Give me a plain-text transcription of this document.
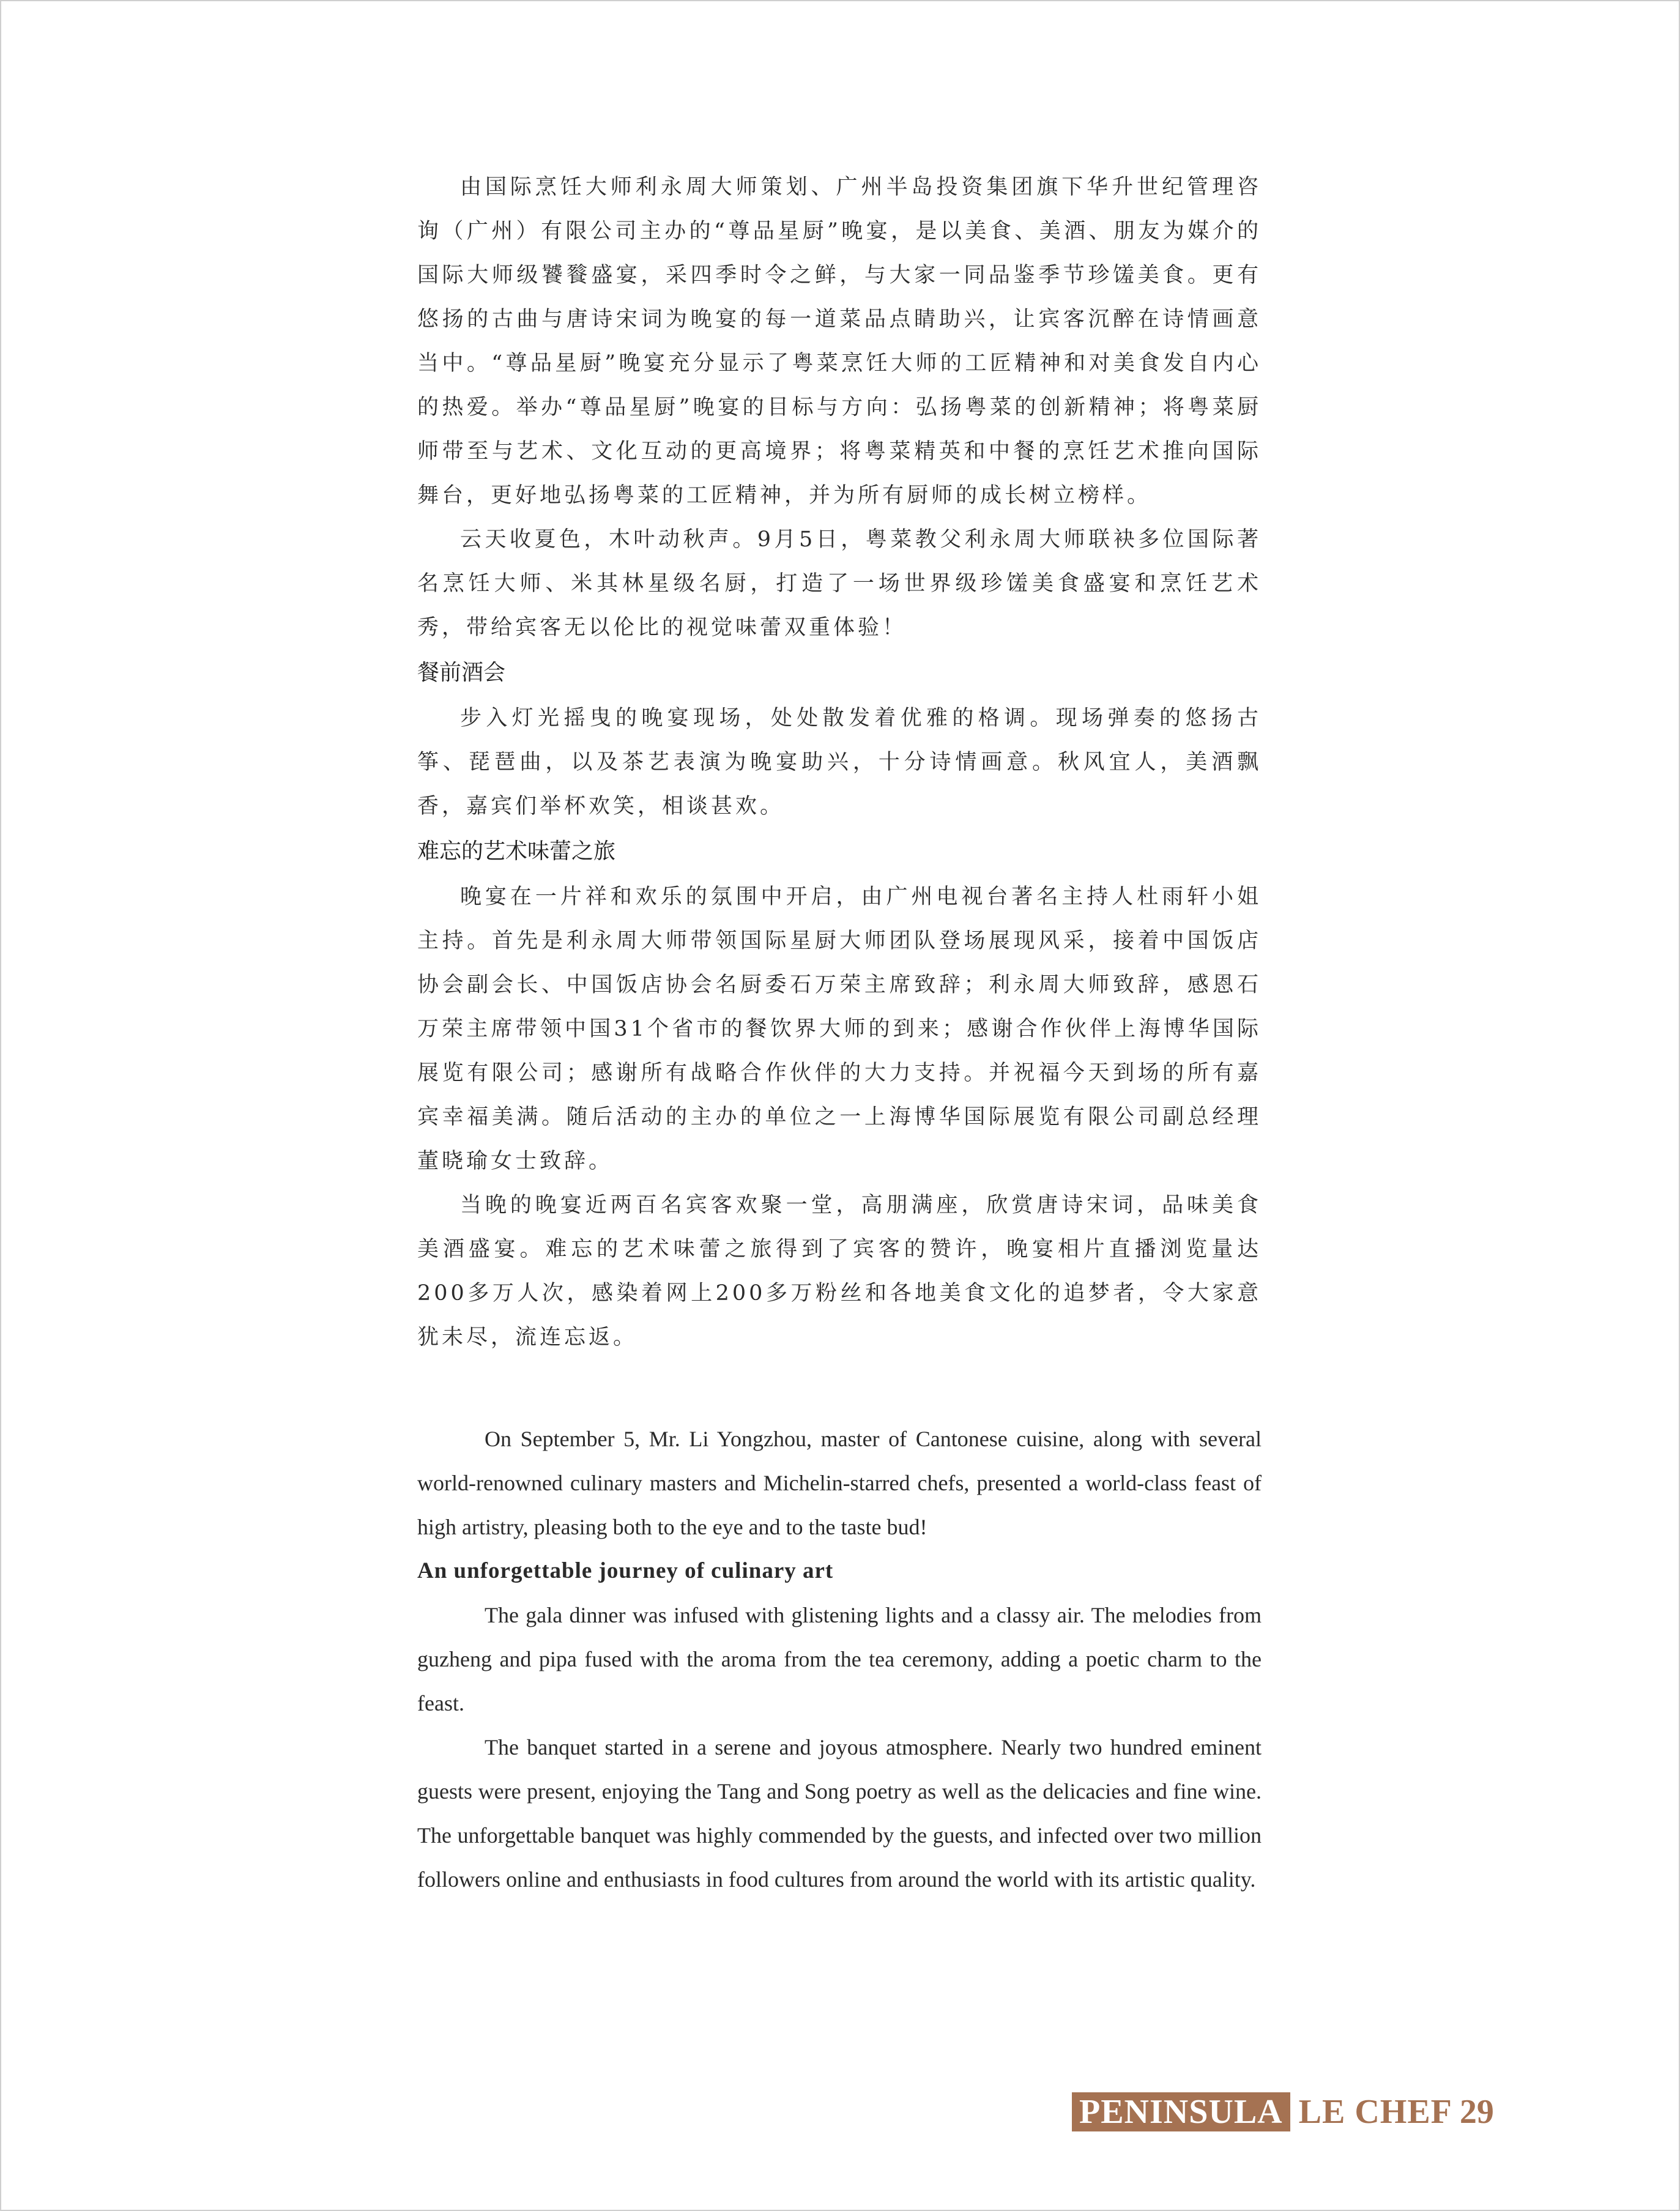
由国际烹饪大师利永周大师策划、广州半岛投资集团旗下华升世纪管理咨询（广州）有限公司主办的“尊品星厨”晚宴，是以美食、美酒、朋友为媒介的国际大师级饕餮盛宴，采四季时令之鲜，与大家一同品鉴季节珍馐美食。更有悠扬的古曲与唐诗宋词为晚宴的每一道菜品点睛助兴，让宾客沉醉在诗情画意当中。“尊品星厨”晚宴充分显示了粤菜烹饪大师的工匠精神和对美食发自内心的热爱。举办“尊品星厨”晚宴的目标与方向：弘扬粤菜的创新精神；将粤菜厨师带至与艺术、文化互动的更高境界；将粤菜精英和中餐的烹饪艺术推向国际舞台，更好地弘扬粤菜的工匠精神，并为所有厨师的成长树立榜样。

云天收夏色，木叶动秋声。9月5日，粤菜教父利永周大师联袂多位国际著名烹饪大师、米其林星级名厨，打造了一场世界级珍馐美食盛宴和烹饪艺术秀，带给宾客无以伦比的视觉味蕾双重体验！

餐前酒会

步入灯光摇曳的晚宴现场，处处散发着优雅的格调。现场弹奏的悠扬古筝、琵琶曲，以及茶艺表演为晚宴助兴，十分诗情画意。秋风宜人，美酒飘香，嘉宾们举杯欢笑，相谈甚欢。

难忘的艺术味蕾之旅

晚宴在一片祥和欢乐的氛围中开启，由广州电视台著名主持人杜雨轩小姐主持。首先是利永周大师带领国际星厨大师团队登场展现风采，接着中国饭店协会副会长、中国饭店协会名厨委石万荣主席致辞；利永周大师致辞，感恩石万荣主席带领中国31个省市的餐饮界大师的到来；感谢合作伙伴上海博华国际展览有限公司；感谢所有战略合作伙伴的大力支持。并祝福今天到场的所有嘉宾幸福美满。随后活动的主办的单位之一上海博华国际展览有限公司副总经理董晓瑜女士致辞。

当晚的晚宴近两百名宾客欢聚一堂，高朋满座，欣赏唐诗宋词，品味美食美酒盛宴。难忘的艺术味蕾之旅得到了宾客的赞许，晚宴相片直播浏览量达200多万人次，感染着网上200多万粉丝和各地美食文化的追梦者，令大家意犹未尽，流连忘返。

On September 5, Mr. Li Yongzhou, master of Cantonese cuisine, along with several world-renowned culinary masters and Michelin-starred chefs, presented a world-class feast of high artistry, pleasing both to the eye and to the taste bud!

An unforgettable journey of culinary art

The gala dinner was infused with glistening lights and a classy air. The melodies from guzheng and pipa fused with the aroma from the tea ceremony, adding a poetic charm to the feast.

The banquet started in a serene and joyous atmosphere. Nearly two hundred eminent guests were present, enjoying the Tang and Song poetry as well as the delicacies and fine wine. The unforgettable banquet was highly commended by the guests, and infected over two million followers online and enthusiasts in food cultures from around the world with its artistic quality.

PENINSULA LE CHEF 29
